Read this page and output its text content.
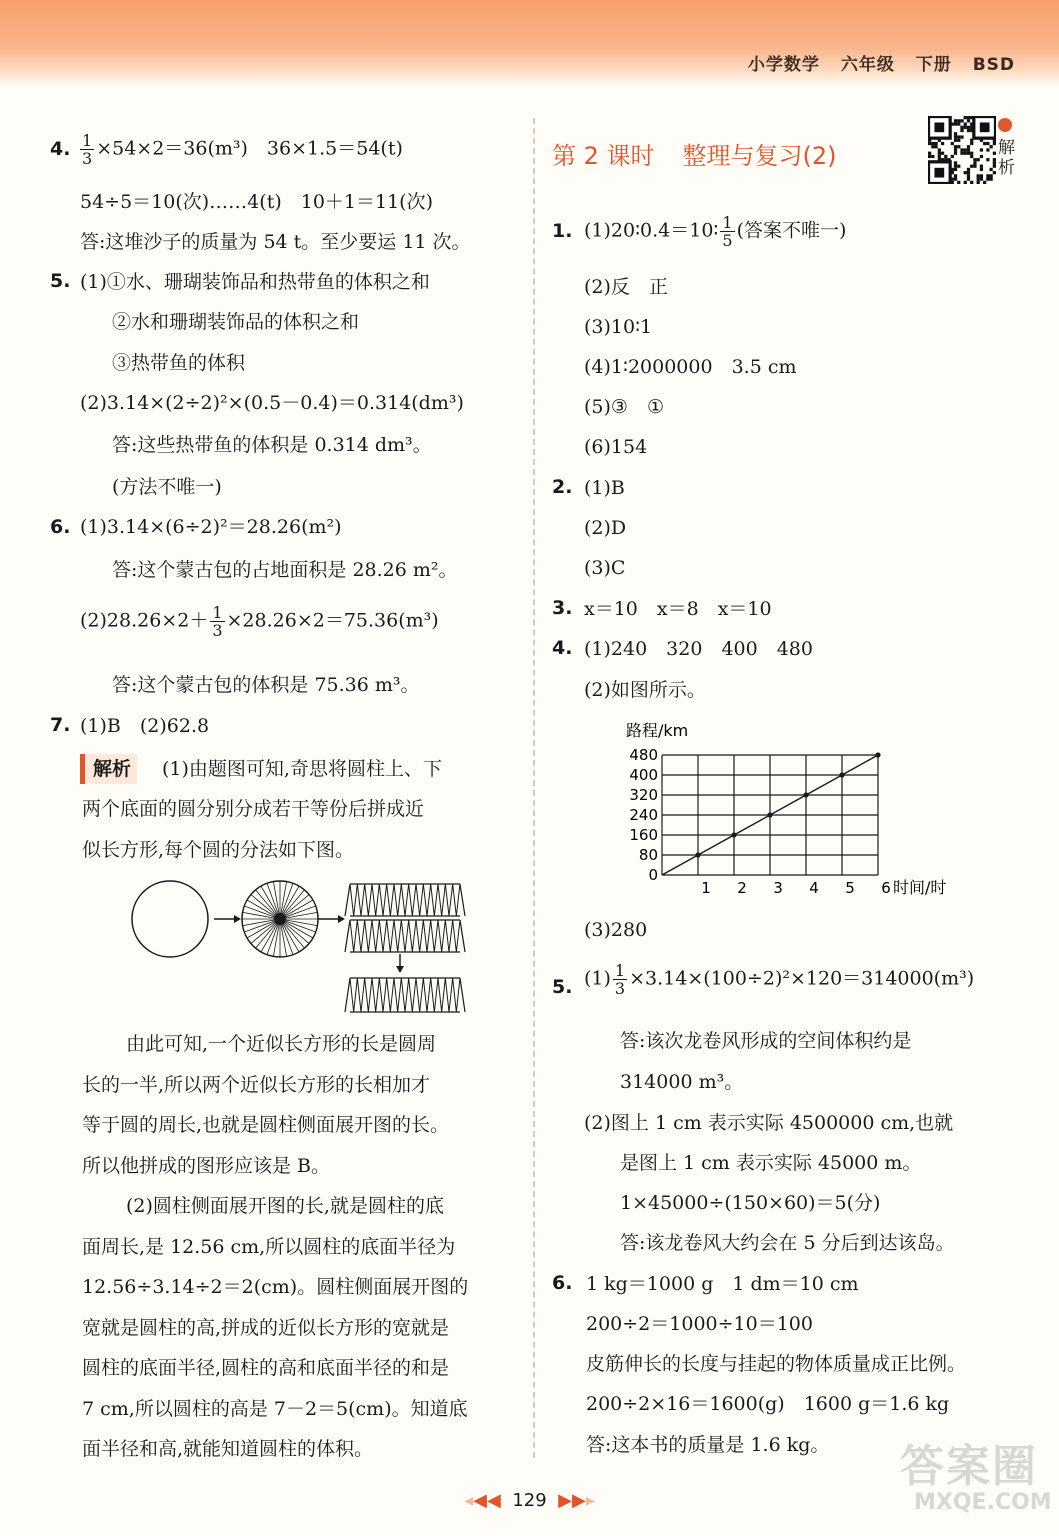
小学数学 六年级 下册 BSD
4. $\frac{1}{3} \times 54\times 2=36(m^3)$　36×1.5＝54(t)
54÷5＝10(次)……4(t)　10＋1＝11(次)
答:这堆沙子的质量为 54 t。至少要运 11 次。
5. (1)①水、珊瑚装饰品和热带鱼的体积之和
②水和珊瑚装饰品的体积之和
③热带鱼的体积
(2)3.14×(2÷2)²×(0.5－0.4)＝0.314(dm³)
答:这些热带鱼的体积是 0.314 dm³。
(方法不唯一)
6. (1)3.14×(6÷2)²＝28.26(m²)
答:这个蒙古包的占地面积是 28.26 m²。
$(2)28.26\times 2+ \frac{1}{3} \times 28.26\times 2=75.36(m^3)$
答:这个蒙古包的体积是 75.36 m³。
7. (1)B　(2)62.8
解析	(1)由题图可知,奇思将圆柱上、下
两个底面的圆分别分成若干等份后拼成近
似长方形,每个圆的分法如下图。
由此可知,一个近似长方形的长是圆周
长的一半,所以两个近似长方形的长相加才
等于圆的周长,也就是圆柱侧面展开图的长。
所以他拼成的图形应该是 B。
(2)圆柱侧面展开图的长,就是圆柱的底
面周长,是 12.56 cm,所以圆柱的底面半径为
12.56÷3.14÷2＝2(cm)。圆柱侧面展开图的
宽就是圆柱的高,拼成的近似长方形的宽就是
圆柱的底面半径,圆柱的高和底面半径的和是
7 cm,所以圆柱的高是 7－2＝5(cm)。知道底
面半径和高,就能知道圆柱的体积。
第 2 课时 整理与复习(2)	解析
1. (1)20∶0.4＝10∶ $\frac{1}{5}$ (答案不唯一)
(2)反　正
(3)10∶1
(4)1∶2000000　3.5 cm
(5)③　①
(6)154
2. (1)B
(2)D
(3)C
3. x＝10　x＝8　x＝10
4. (1)240　320　400　480
(2)如图所示。
路程/km
时间/时
0
80
160
240
320
400
480
1 2 3 4 5 6
(3)280
5. $(1) \frac{1}{3} \times 3.14\times(100\div 2)^2\times 120=314000(m^3)$
答:该次龙卷风形成的空间体积约是
314000 m³。
(2)图上 1 cm 表示实际 4500000 cm,也就
是图上 1 cm 表示实际 45000 m。
1×45000÷(150×60)＝5(分)
答:该龙卷风大约会在 5 分后到达该岛。
6. 1 kg＝1000 g　1 dm＝10 cm
200÷2＝1000÷10＝100
皮筋伸长的长度与挂起的物体质量成正比例。
200÷2×16＝1600(g)　1600 g＝1.6 kg
答:这本书的质量是 1.6 kg。
◂◀◀ 129 ▶▶▸
答案圈
MXQE.COM
